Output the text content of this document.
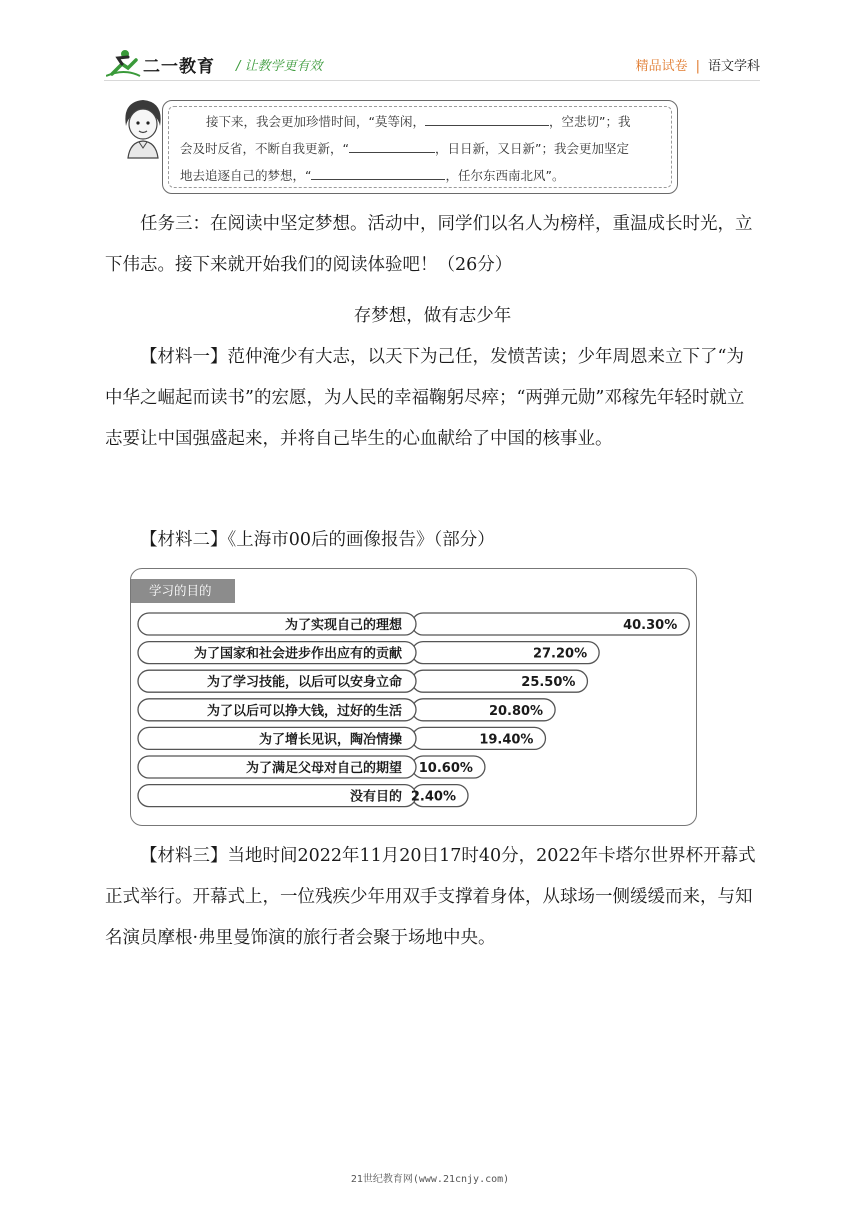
二一教育 / 让教学更有效	精品试卷 | 语文学科

接下来，我会更加珍惜时间，“莫等闲，	，空悲切”；我

会及时反省，不断自我更新，“	，日日新，又日新”；我会更加坚定

地去追逐自己的梦想，“	，任尔东西南北风”。

任务三：在阅读中坚定梦想。活动中，同学们以名人为榜样，重温成长时光，立下伟志。接下来就开始我们的阅读体验吧！（26分）

存梦想，做有志少年

【材料一】范仲淹少有大志，以天下为己任，发愤苦读；少年周恩来立下了“为中华之崛起而读书”的宏愿，为人民的幸福鞠躬尽瘁；“两弹元勋”邓稼先年轻时就立志要让中国强盛起来，并将自己毕生的心血献给了中国的核事业。

【材料二】《上海市00后的画像报告》（部分）

学习的目的
为了实现自己的理想	40.30%
为了国家和社会进步作出应有的贡献	27.20%
为了学习技能，以后可以安身立命	25.50%
为了以后可以挣大钱，过好的生活	20.80%
为了增长见识，陶冶情操	19.40%
为了满足父母对自己的期望 10.60%
没有目的 2.40%

【材料三】当地时间2022年11月20日17时40分，2022年卡塔尔世界杯开幕式正式举行。开幕式上，一位残疾少年用双手支撑着身体，从球场一侧缓缓而来，与知名演员摩根·弗里曼饰演的旅行者会聚于场地中央。

21世纪教育网(www.21cnjy.com)
